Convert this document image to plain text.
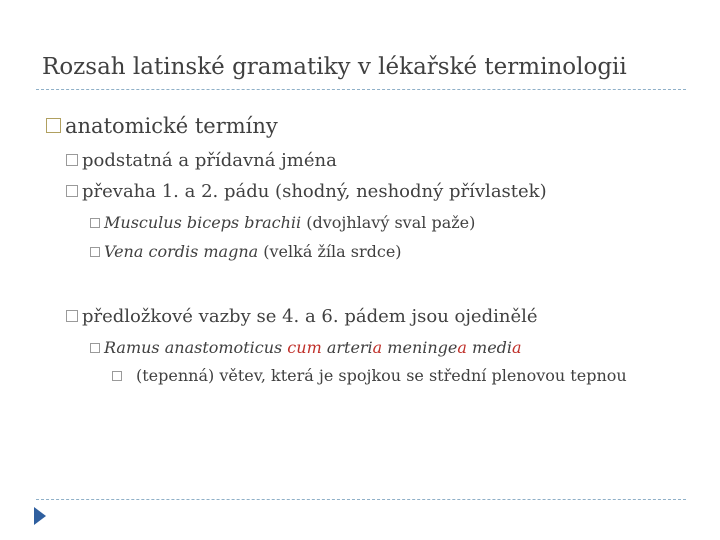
Rozsah latinské gramatiky v lékařské terminologii
anatomické termíny
podstatná a přídavná jména
převaha 1. a 2. pádu (shodný, neshodný přívlastek)
Musculus biceps brachii (dvojhlavý sval paže)
Vena cordis magna (velká žíla srdce)
předložkové vazby se 4. a 6. pádem jsou ojedinělé
Ramus anastomoticus cum arteri a meninge a medi a
(tepenná) větev, která je spojkou se střední plenovou tepnou
